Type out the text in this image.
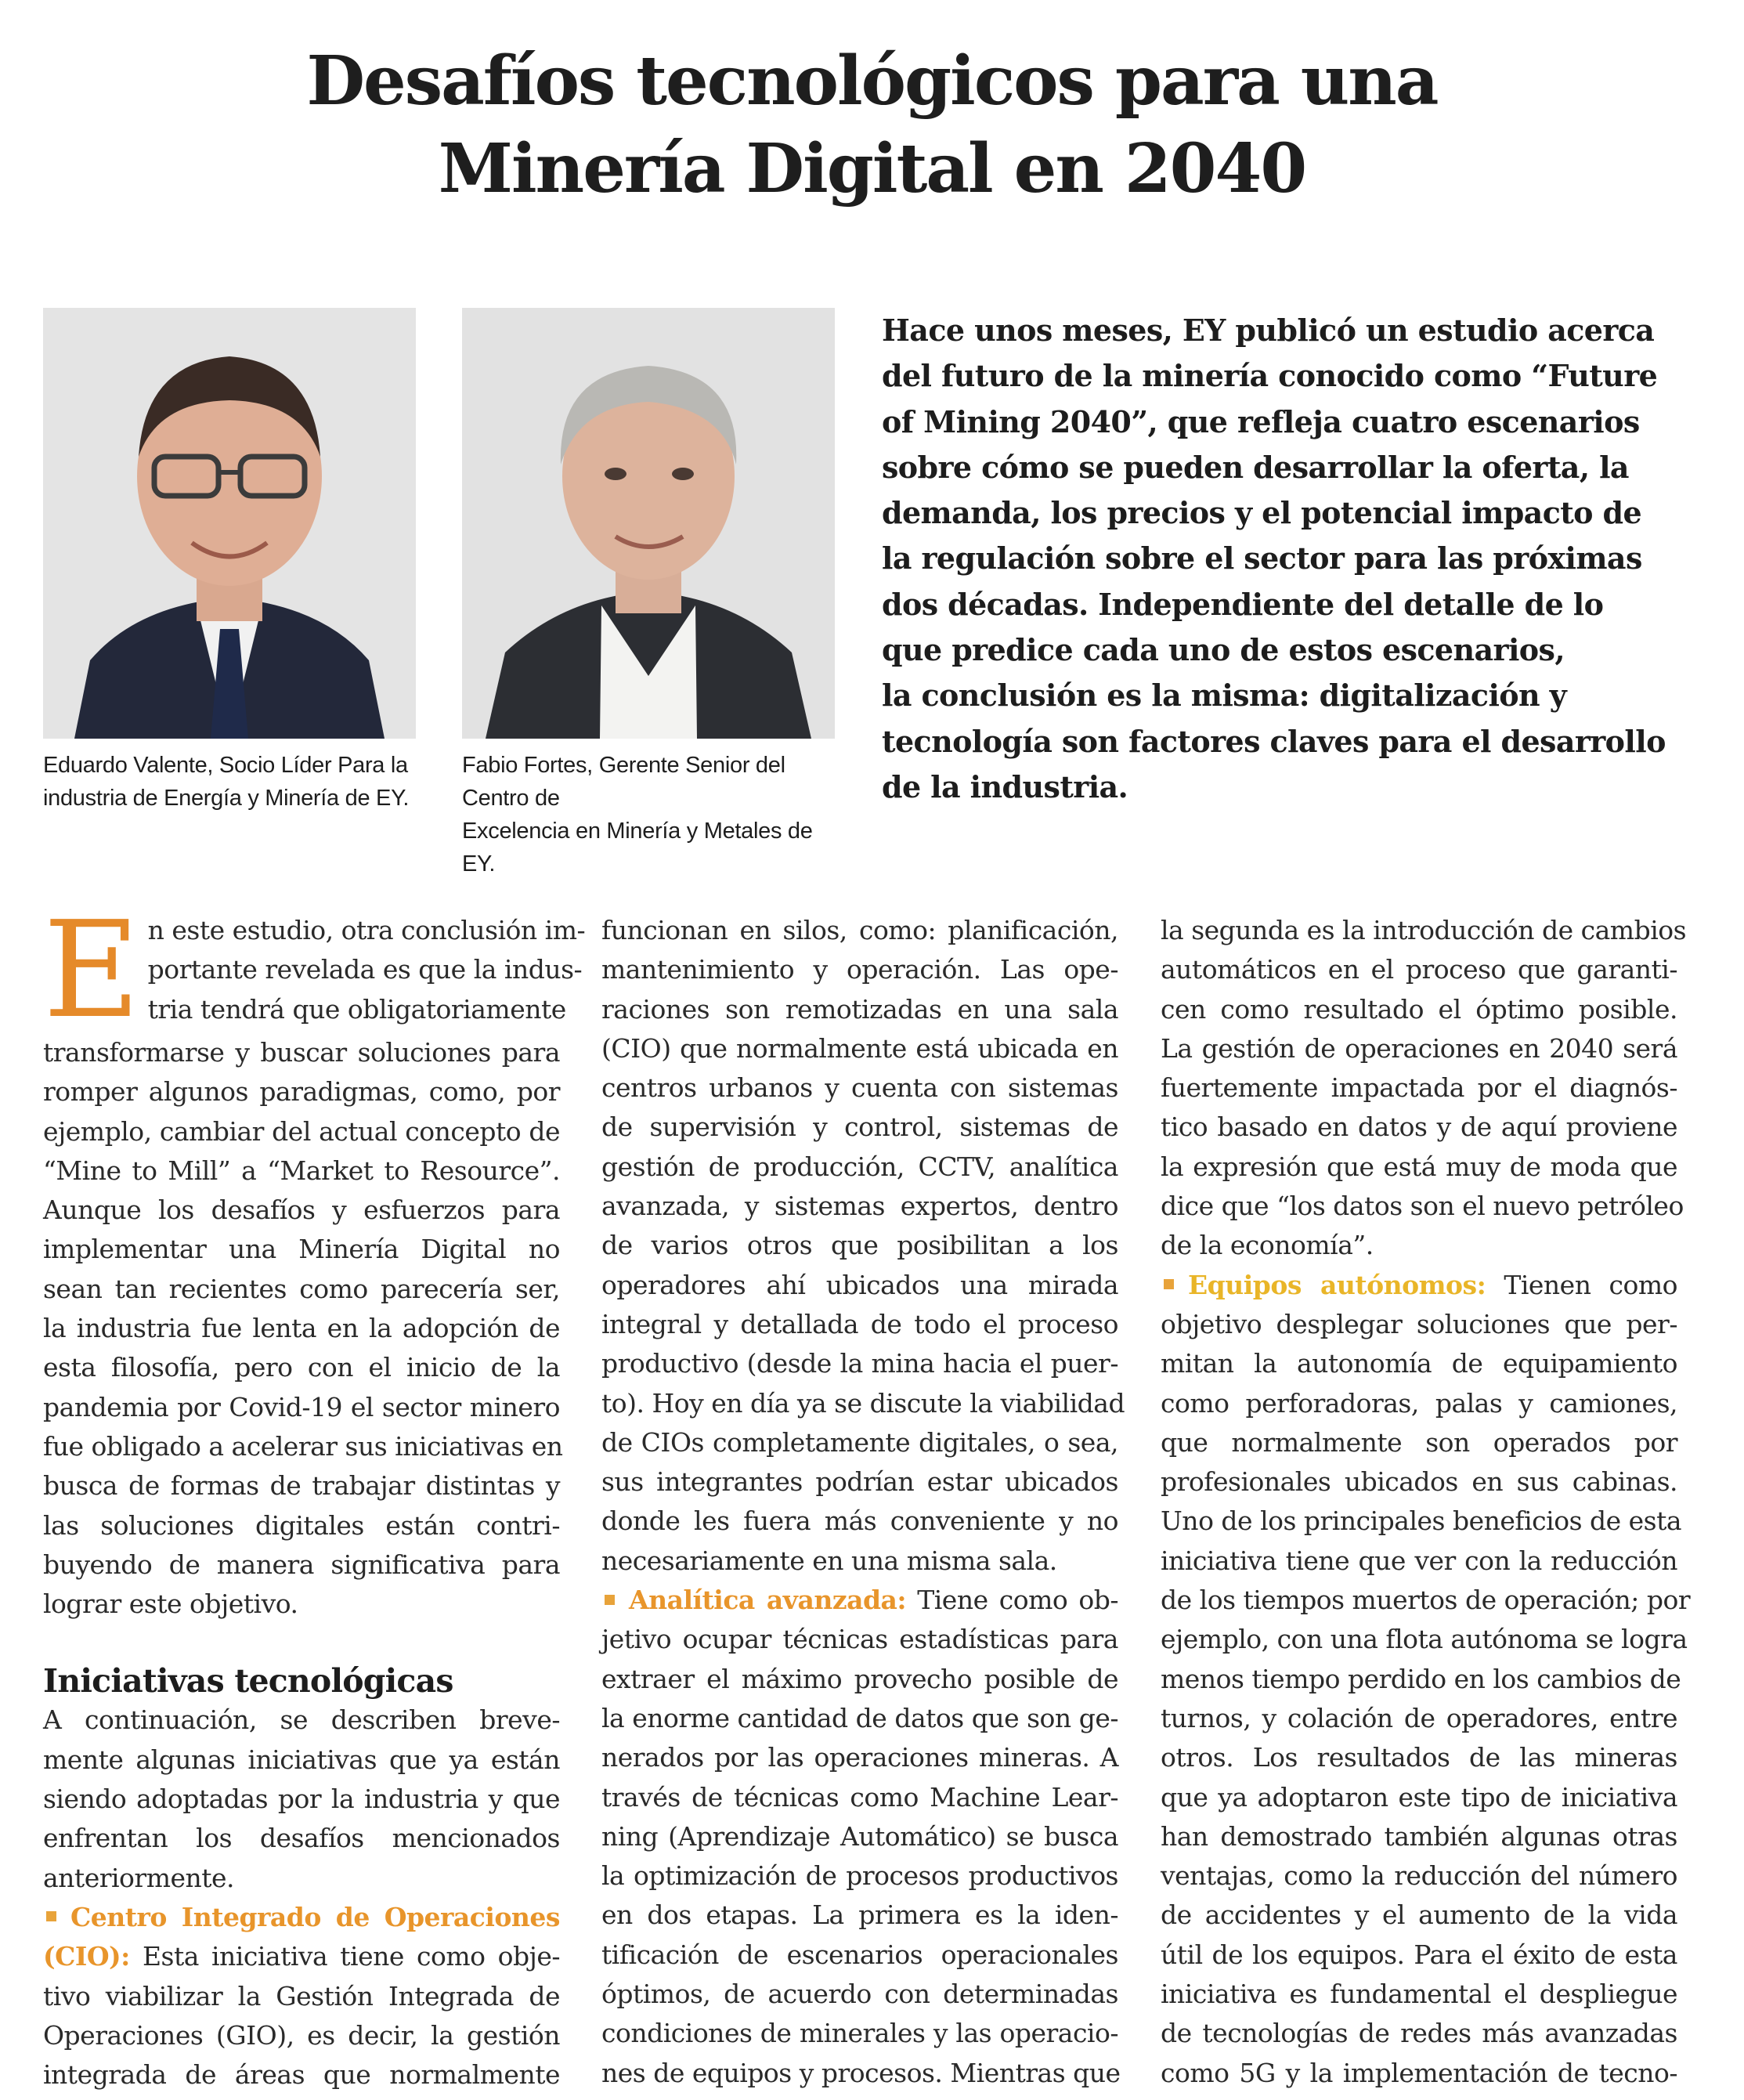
Desafíos tecnológicos para una
Minería Digital en 2040
Eduardo Valente, Socio Líder Para la
industria de Energía y Minería de EY.
Fabio Fortes, Gerente Senior del Centro de
Excelencia en Minería y Metales de EY.
Hace unos meses, EY publicó un estudio acerca
del futuro de la minería conocido como “Future
of Mining 2040”, que refleja cuatro escenarios
sobre cómo se pueden desarrollar la oferta, la
demanda, los precios y el potencial impacto de
la regulación sobre el sector para las próximas
dos décadas. Independiente del detalle de lo
que predice cada uno de estos escenarios,
la conclusión es la misma: digitalización y
tecnología son factores claves para el desarrollo
de la industria.
E n este estudio, otra conclusión im-
portante revelada es que la indus-
tria tendrá que obligatoriamente
transformarse y buscar soluciones para
romper algunos paradigmas, como, por
ejemplo, cambiar del actual concepto de
“Mine to Mill” a “Market to Resource”.
Aunque los desafíos y esfuerzos para
implementar una Minería Digital no
sean tan recientes como parecería ser,
la industria fue lenta en la adopción de
esta filosofía, pero con el inicio de la
pandemia por Covid-19 el sector minero
fue obligado a acelerar sus iniciativas en
busca de formas de trabajar distintas y
las soluciones digitales están contri-
buyendo de manera significativa para
lograr este objetivo.
Iniciativas tecnológicas
A continuación, se describen breve-
mente algunas iniciativas que ya están
siendo adoptadas por la industria y que
enfrentan los desafíos mencionados
anteriormente.
Centro Integrado de Operaciones
(CIO): Esta iniciativa tiene como obje-
tivo viabilizar la Gestión Integrada de
Operaciones (GIO), es decir, la gestión
integrada de áreas que normalmente
funcionan en silos, como: planificación,
mantenimiento y operación. Las ope-
raciones son remotizadas en una sala
(CIO) que normalmente está ubicada en
centros urbanos y cuenta con sistemas
de supervisión y control, sistemas de
gestión de producción, CCTV, analítica
avanzada, y sistemas expertos, dentro
de varios otros que posibilitan a los
operadores ahí ubicados una mirada
integral y detallada de todo el proceso
productivo (desde la mina hacia el puer-
to). Hoy en día ya se discute la viabilidad
de CIOs completamente digitales, o sea,
sus integrantes podrían estar ubicados
donde les fuera más conveniente y no
necesariamente en una misma sala.
Analítica avanzada: Tiene como ob-
jetivo ocupar técnicas estadísticas para
extraer el máximo provecho posible de
la enorme cantidad de datos que son ge-
nerados por las operaciones mineras. A
través de técnicas como Machine Lear-
ning (Aprendizaje Automático) se busca
la optimización de procesos productivos
en dos etapas. La primera es la iden-
tificación de escenarios operacionales
óptimos, de acuerdo con determinadas
condiciones de minerales y las operacio-
nes de equipos y procesos. Mientras que
la segunda es la introducción de cambios
automáticos en el proceso que garanti-
cen como resultado el óptimo posible.
La gestión de operaciones en 2040 será
fuertemente impactada por el diagnós-
tico basado en datos y de aquí proviene
la expresión que está muy de moda que
dice que “los datos son el nuevo petróleo
de la economía”.
Equipos autónomos: Tienen como
objetivo desplegar soluciones que per-
mitan la autonomía de equipamiento
como perforadoras, palas y camiones,
que normalmente son operados por
profesionales ubicados en sus cabinas.
Uno de los principales beneficios de esta
iniciativa tiene que ver con la reducción
de los tiempos muertos de operación; por
ejemplo, con una flota autónoma se logra
menos tiempo perdido en los cambios de
turnos, y colación de operadores, entre
otros. Los resultados de las mineras
que ya adoptaron este tipo de iniciativa
han demostrado también algunas otras
ventajas, como la reducción del número
de accidentes y el aumento de la vida
útil de los equipos. Para el éxito de esta
iniciativa es fundamental el despliegue
de tecnologías de redes más avanzadas
como 5G y la implementación de tecno-
